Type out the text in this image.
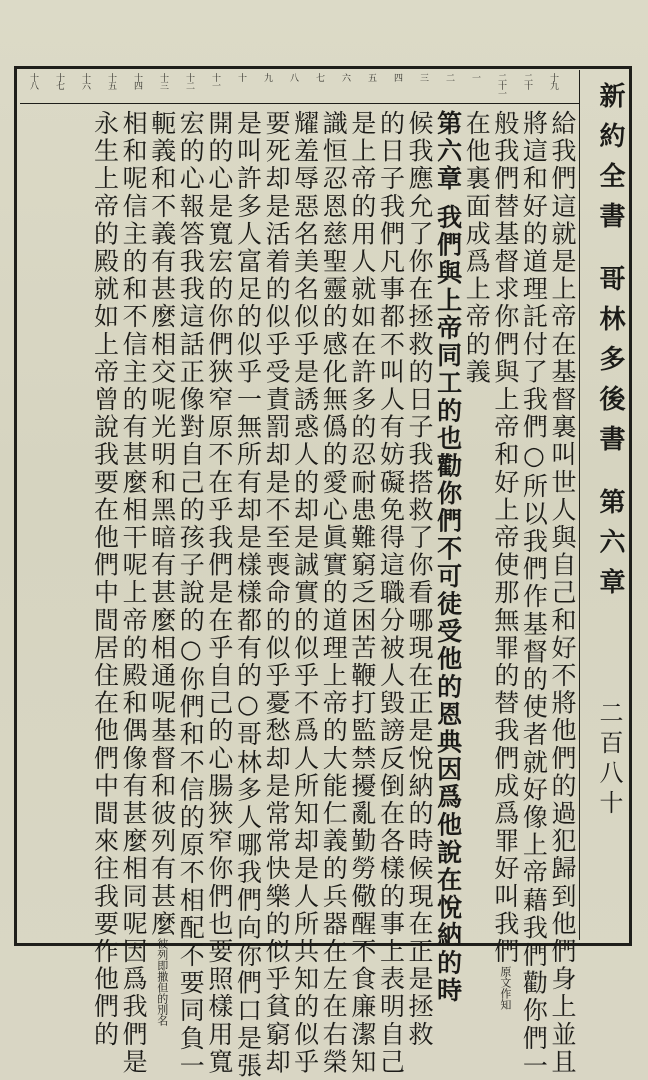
十八 十七 十六 十五 十四 十三 十二 十一 十 九 八 七 六 五 四 三 二 一 二十一 二十 十九
新約全書 哥林多後書 第六章
二百八十
給我們這就是上帝在基督裏叫世人與自己和好不將他們的過犯歸到他們身上並且
將這和好的道理託付了我們○所以我們作基督的使者就好像上帝藉我們勸你們一
般我們替基督求你們與上帝和好上帝使那無罪的替我們成爲罪好叫我們原文作知
在他裏面成爲上帝的義
第六章 我們與上帝同工的也勸你們不可徒受他的恩典因爲他說在悅納的時
候我應允了你在拯救的日子我搭救了你看哪現在正是悅納的時候現在正是拯救
的日子我們凡事都不叫人有妨礙免得這職分被人毀謗反倒在各樣的事上表明自己
是上帝的用人就如在許多的忍耐患難窮乏困苦鞭打監禁擾亂勤勞儆醒不食廉潔知
識恒忍恩慈聖靈的感化無僞的愛心眞實的道理上帝的大能仁義的兵器在左在右榮
耀羞辱惡名美名似乎是誘惑人的却是誠實的似乎不爲人所知却是人所共知的似乎
要死却是活着的似乎受責罰却是不至喪命的似乎憂愁却是常常快樂的似乎貧窮却
是叫許多人富足的似乎一無所有却是樣樣都有的○哥林多人哪我們向你們口是張
開的心是寬宏的你們狹窄原不在乎我們是在乎自己的心腸狹窄你們也要照樣用寬
宏的心報答我我這話正像對自己的孩子說的○你們和不信的原不相配不要同負一
軛義和不義有甚麼相交呢光明和黑暗有甚麼相通呢基督和彼列有甚麼彼列即撒但的別名
相和呢信主的和不信主的有甚麼相干呢上帝的殿和偶像有甚麼相同呢因爲我們是
永生上帝的殿就如上帝曾說我要在他們中間居住在他們中間來往我要作他們的
